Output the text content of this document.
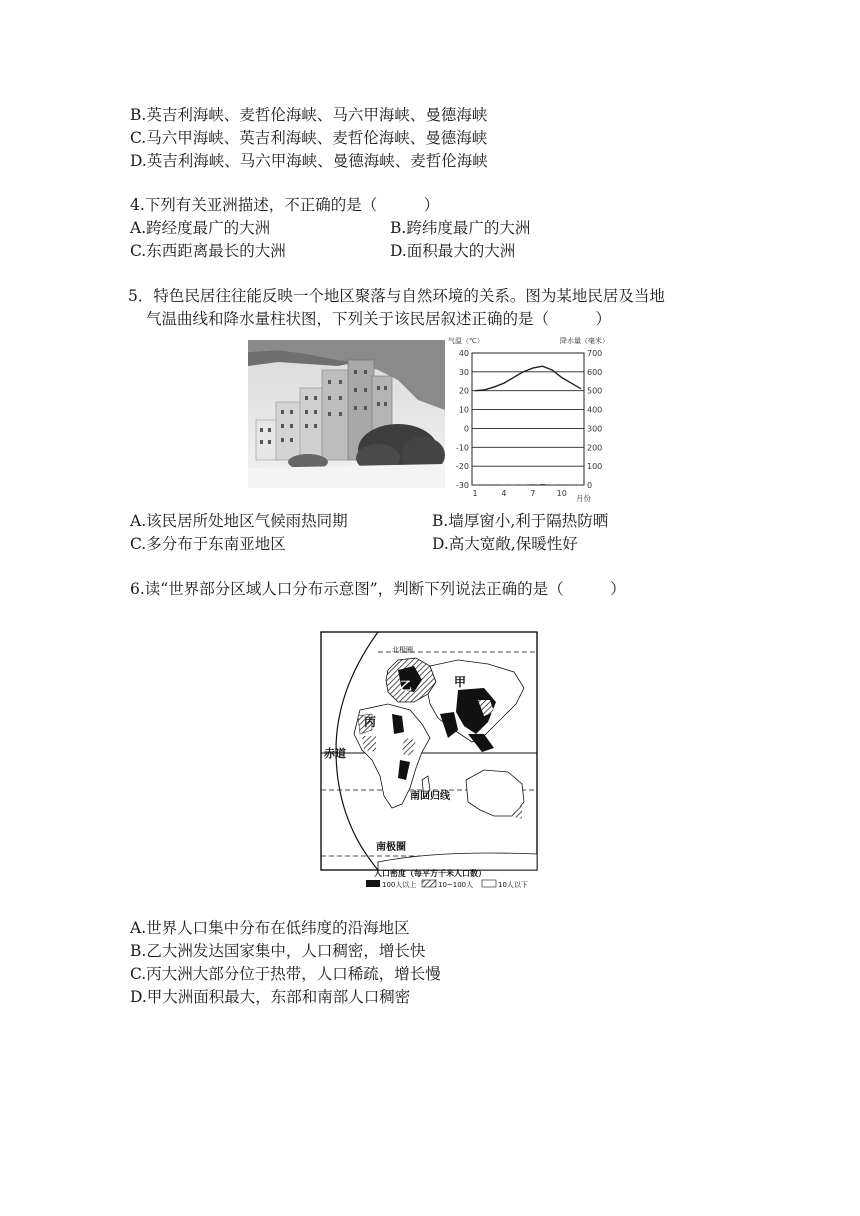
B.英吉利海峡、麦哲伦海峡、马六甲海峡、曼德海峡
C.马六甲海峡、英吉利海峡、麦哲伦海峡、曼德海峡
D.英吉利海峡、马六甲海峡、曼德海峡、麦哲伦海峡
4.下列有关亚洲描述，不正确的是（　　　）
A.跨经度最广的大洲	B.跨纬度最广的大洲
C.东西距离最长的大洲	D.面积最大的大洲
5．特色民居往往能反映一个地区聚落与自然环境的关系。图为某地民居及当地
气温曲线和降水量柱状图，下列关于该民居叙述正确的是（　　　）
气温（℃）	降水量（毫米）
40
30
20
10
0
-10
-20
-30
700
600
500
400
300
200
100
0
1	4	7	10
月份
A.该民居所处地区气候雨热同期	B.墙厚窗小,利于隔热防晒
C.多分布于东南亚地区	D.高大宽敞,保暖性好
6.读“世界部分区域人口分布示意图”，判断下列说法正确的是（　　　）
北极圈
甲
乙
丙
赤道
南回归线
南极圈
人口密度（每平方千米人口数）
100人以上	10~100人	10人以下
A.世界人口集中分布在低纬度的沿海地区
B.乙大洲发达国家集中，人口稠密，增长快
C.丙大洲大部分位于热带，人口稀疏，增长慢
D.甲大洲面积最大，东部和南部人口稠密
